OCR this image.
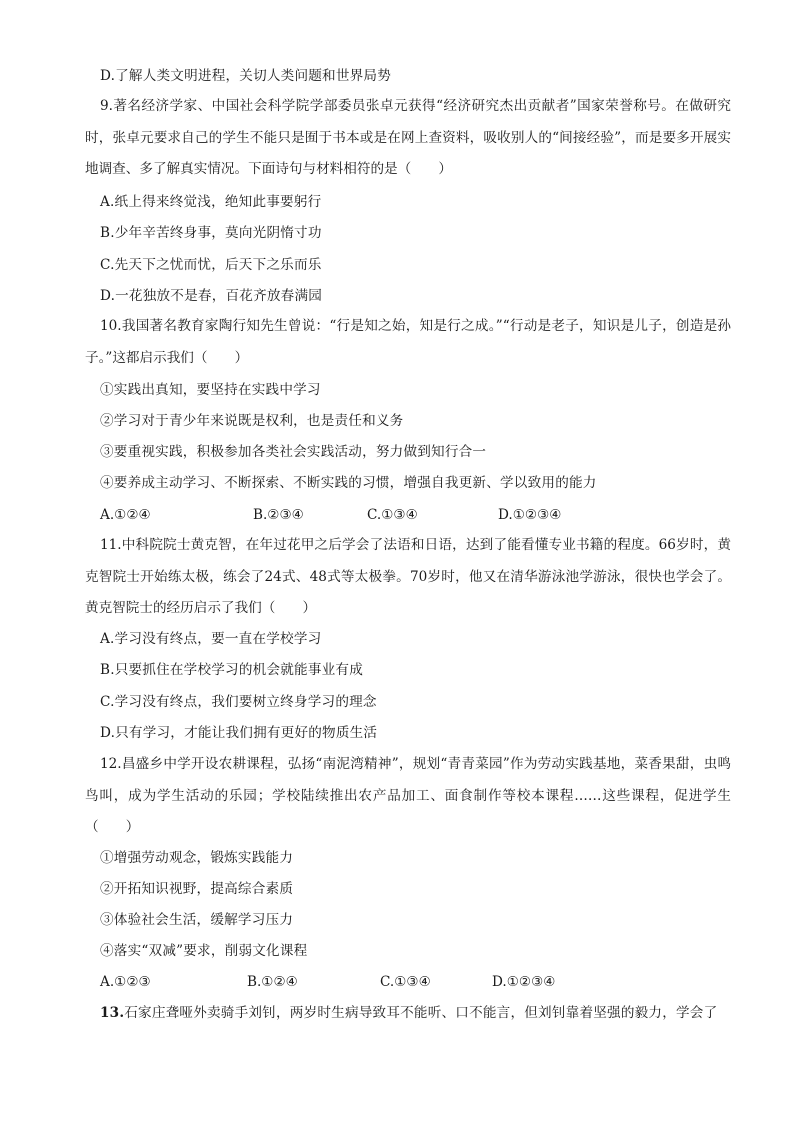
D.了解人类文明进程，关切人类问题和世界局势
9.著名经济学家、中国社会科学院学部委员张卓元获得“经济研究杰出贡献者”国家荣誉称号。在做研究时，张卓元要求自己的学生不能只是囿于书本或是在网上查资料，吸收别人的“间接经验”，而是要多开展实地调查、多了解真实情况。下面诗句与材料相符的是（　　）
A.纸上得来终觉浅，绝知此事要躬行
B.少年辛苦终身事，莫向光阴惰寸功
C.先天下之忧而忧，后天下之乐而乐
D.一花独放不是春，百花齐放春满园
10.我国著名教育家陶行知先生曾说：“行是知之始，知是行之成。”“行动是老子，知识是儿子，创造是孙子。”这都启示我们（　　）
①实践出真知，要坚持在实践中学习
②学习对于青少年来说既是权利，也是责任和义务
③要重视实践，积极参加各类社会实践活动，努力做到知行合一
④要养成主动学习、不断探索、不断实践的习惯，增强自我更新、学以致用的能力
A.①②④	B.②③④	C.①③④	D.①②③④
11.中科院院士黄克智，在年过花甲之后学会了法语和日语，达到了能看懂专业书籍的程度。66岁时，黄克智院士开始练太极，练会了24式、48式等太极拳。70岁时，他又在清华游泳池学游泳，很快也学会了。黄克智院士的经历启示了我们（　　）
A.学习没有终点，要一直在学校学习
B.只要抓住在学校学习的机会就能事业有成
C.学习没有终点，我们要树立终身学习的理念
D.只有学习，才能让我们拥有更好的物质生活
12.昌盛乡中学开设农耕课程，弘扬“南泥湾精神”，规划“青青菜园”作为劳动实践基地，菜香果甜，虫鸣鸟叫，成为学生活动的乐园；学校陆续推出农产品加工、面食制作等校本课程……这些课程，促进学生（　　）
①增强劳动观念，锻炼实践能力
②开拓知识视野，提高综合素质
③体验社会生活，缓解学习压力
④落实“双减”要求，削弱文化课程
A.①②③	B.①②④	C.①③④	D.①②③④
13.石家庄聋哑外卖骑手刘钊，两岁时生病导致耳不能听、口不能言，但刘钊靠着坚强的毅力，学会了
